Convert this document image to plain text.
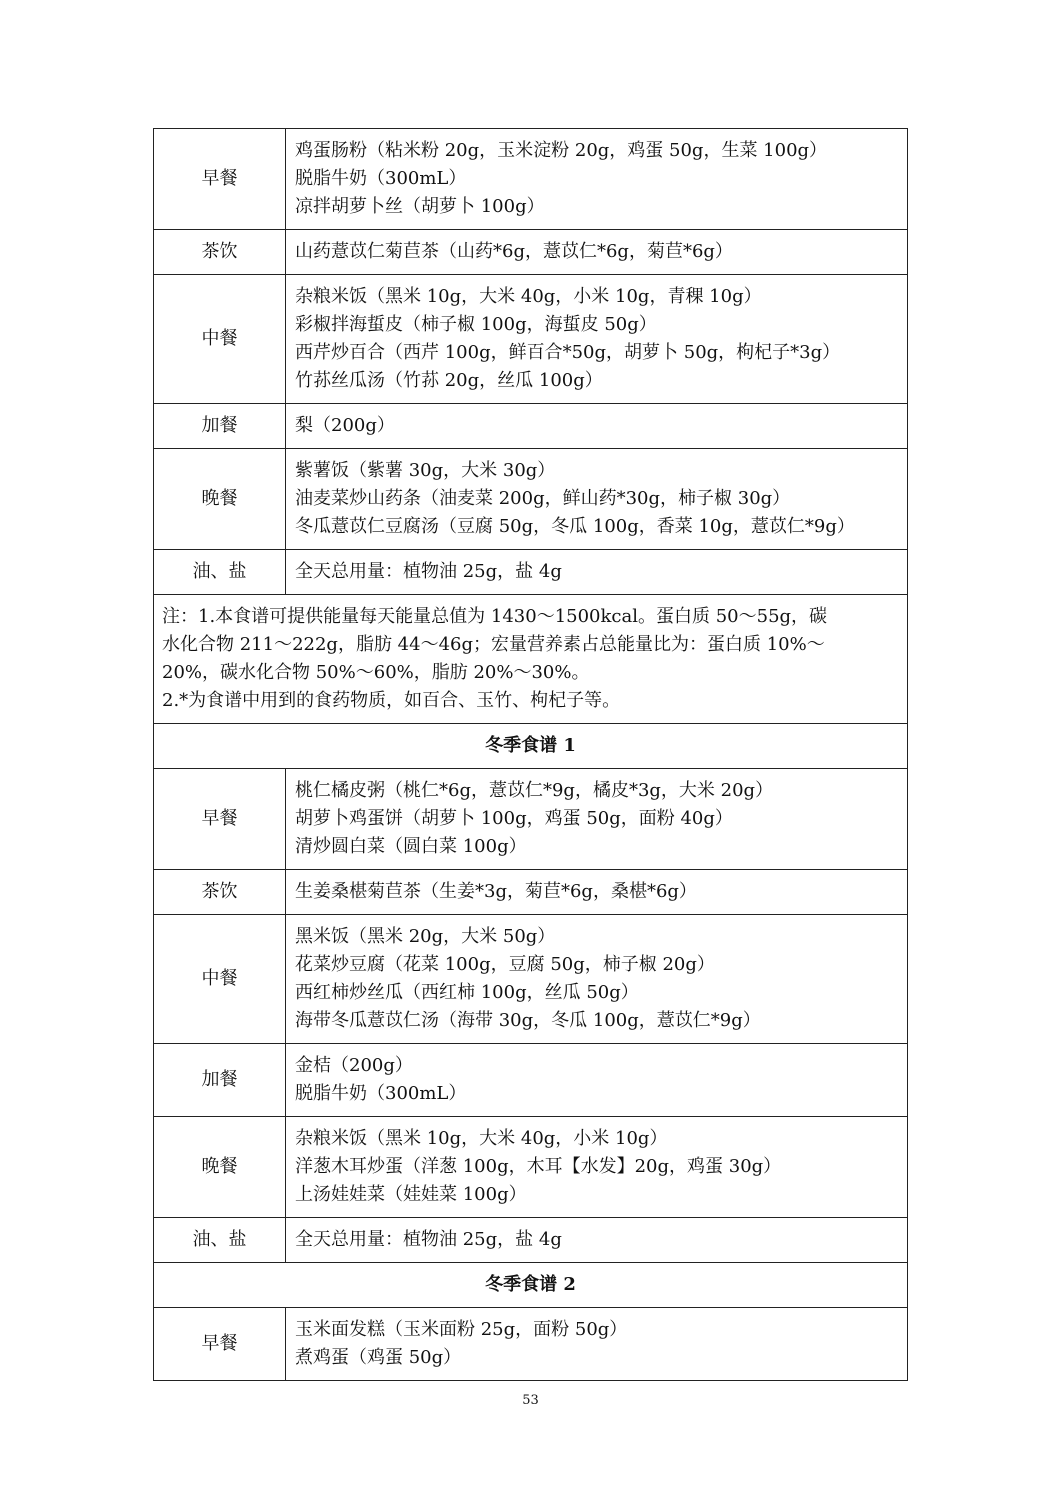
早餐	鸡蛋肠粉（粘米粉 20g，玉米淀粉 20g，鸡蛋 50g，生菜 100g）
脱脂牛奶（300mL）
凉拌胡萝卜丝（胡萝卜 100g）

茶饮	山药薏苡仁菊苣茶（山药*6g，薏苡仁*6g，菊苣*6g）

中餐	杂粮米饭（黑米 10g，大米 40g，小米 10g，青稞 10g）
彩椒拌海蜇皮（柿子椒 100g，海蜇皮 50g）
西芹炒百合（西芹 100g，鲜百合*50g，胡萝卜 50g，枸杞子*3g）
竹荪丝瓜汤（竹荪 20g，丝瓜 100g）

加餐	梨（200g）

晚餐	紫薯饭（紫薯 30g，大米 30g）
油麦菜炒山药条（油麦菜 200g，鲜山药*30g，柿子椒 30g）
冬瓜薏苡仁豆腐汤（豆腐 50g，冬瓜 100g，香菜 10g，薏苡仁*9g）

油、盐	全天总用量：植物油 25g，盐 4g

注：1.本食谱可提供能量每天能量总值为 1430～1500kcal。蛋白质 50～55g，碳
水化合物 211～222g，脂肪 44～46g；宏量营养素占总能量比为：蛋白质 10%～
20%，碳水化合物 50%～60%，脂肪 20%～30%。
2.*为食谱中用到的食药物质，如百合、玉竹、枸杞子等。	

冬季食谱 1	
早餐	桃仁橘皮粥（桃仁*6g，薏苡仁*9g，橘皮*3g，大米 20g）
胡萝卜鸡蛋饼（胡萝卜 100g，鸡蛋 50g，面粉 40g）
清炒圆白菜（圆白菜 100g）

茶饮	生姜桑椹菊苣茶（生姜*3g，菊苣*6g，桑椹*6g）

中餐	黑米饭（黑米 20g，大米 50g）
花菜炒豆腐（花菜 100g，豆腐 50g，柿子椒 20g）
西红柿炒丝瓜（西红柿 100g，丝瓜 50g）
海带冬瓜薏苡仁汤（海带 30g，冬瓜 100g，薏苡仁*9g）

加餐	金桔（200g）
脱脂牛奶（300mL）

晚餐	杂粮米饭（黑米 10g，大米 40g，小米 10g）
洋葱木耳炒蛋（洋葱 100g，木耳【水发】20g，鸡蛋 30g）
上汤娃娃菜（娃娃菜 100g）

油、盐	全天总用量：植物油 25g，盐 4g

冬季食谱 2	
早餐	玉米面发糕（玉米面粉 25g，面粉 50g）
煮鸡蛋（鸡蛋 50g）
53
